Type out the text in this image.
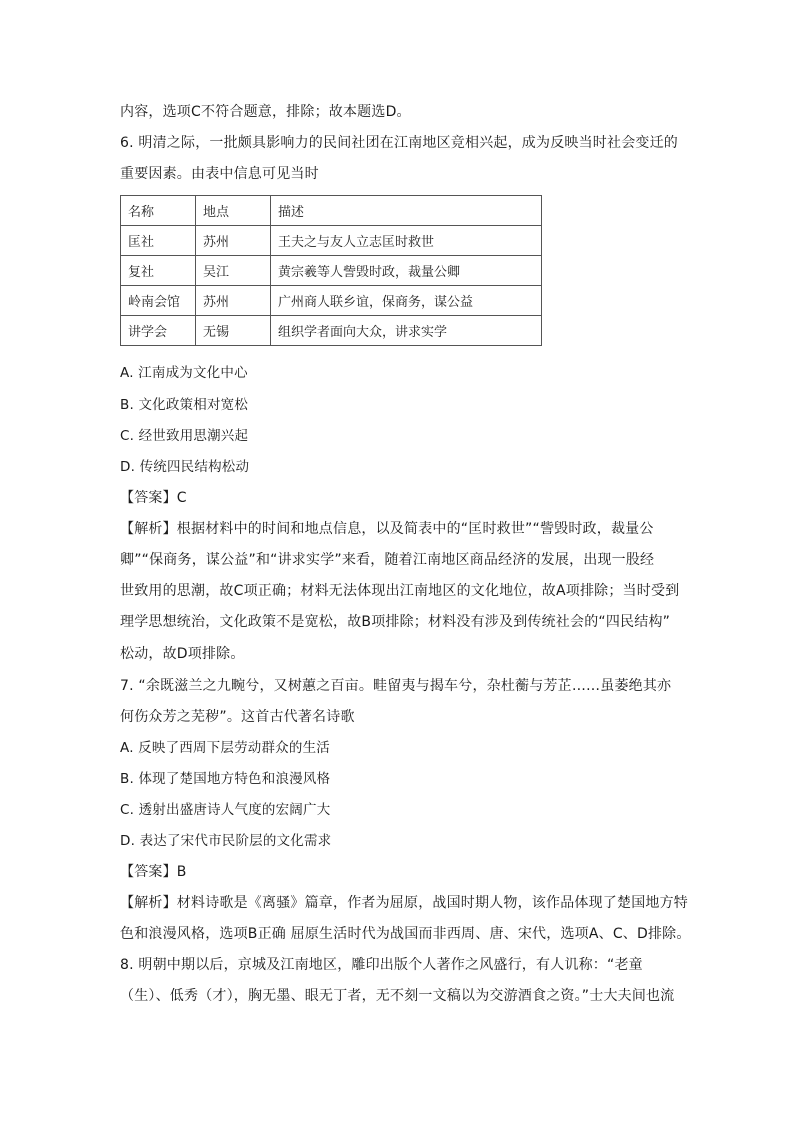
内容，选项C不符合题意，排除；故本题选D。
6. 明清之际，一批颇具影响力的民间社团在江南地区竞相兴起，成为反映当时社会变迁的
重要因素。由表中信息可见当时
名称	地点	描述
匡社	苏州	王夫之与友人立志匡时救世
复社	吴江	黄宗羲等人訾毁时政，裁量公卿
岭南会馆	苏州	广州商人联乡谊，保商务，谋公益
讲学会	无锡	组织学者面向大众，讲求实学
A. 江南成为文化中心
B. 文化政策相对宽松
C. 经世致用思潮兴起
D. 传统四民结构松动
【答案】C
【解析】根据材料中的时间和地点信息，以及简表中的“匡时救世”“訾毁时政，裁量公
卿”“保商务，谋公益”和“讲求实学”来看，随着江南地区商品经济的发展，出现一股经
世致用的思潮，故C项正确；材料无法体现出江南地区的文化地位，故A项排除；当时受到
理学思想统治，文化政策不是宽松，故B项排除；材料没有涉及到传统社会的“四民结构”
松动，故D项排除。
7. “余既滋兰之九畹兮，又树蕙之百亩。畦留夷与揭车兮，杂杜蘅与芳芷……虽萎绝其亦
何伤众芳之芜秽”。这首古代著名诗歌
A. 反映了西周下层劳动群众的生活
B. 体现了楚国地方特色和浪漫风格
C. 透射出盛唐诗人气度的宏阔广大
D. 表达了宋代市民阶层的文化需求
【答案】B
【解析】材料诗歌是《离骚》篇章，作者为屈原，战国时期人物，该作品体现了楚国地方特
色和浪漫风格，选项B正确 屈原生活时代为战国而非西周、唐、宋代，选项A、C、D排除。
8. 明朝中期以后，京城及江南地区，雕印出版个人著作之风盛行，有人讥称：“老童
（生）、低秀（才），胸无墨、眼无丁者，无不刻一文稿以为交游酒食之资。”士大夫间也流
